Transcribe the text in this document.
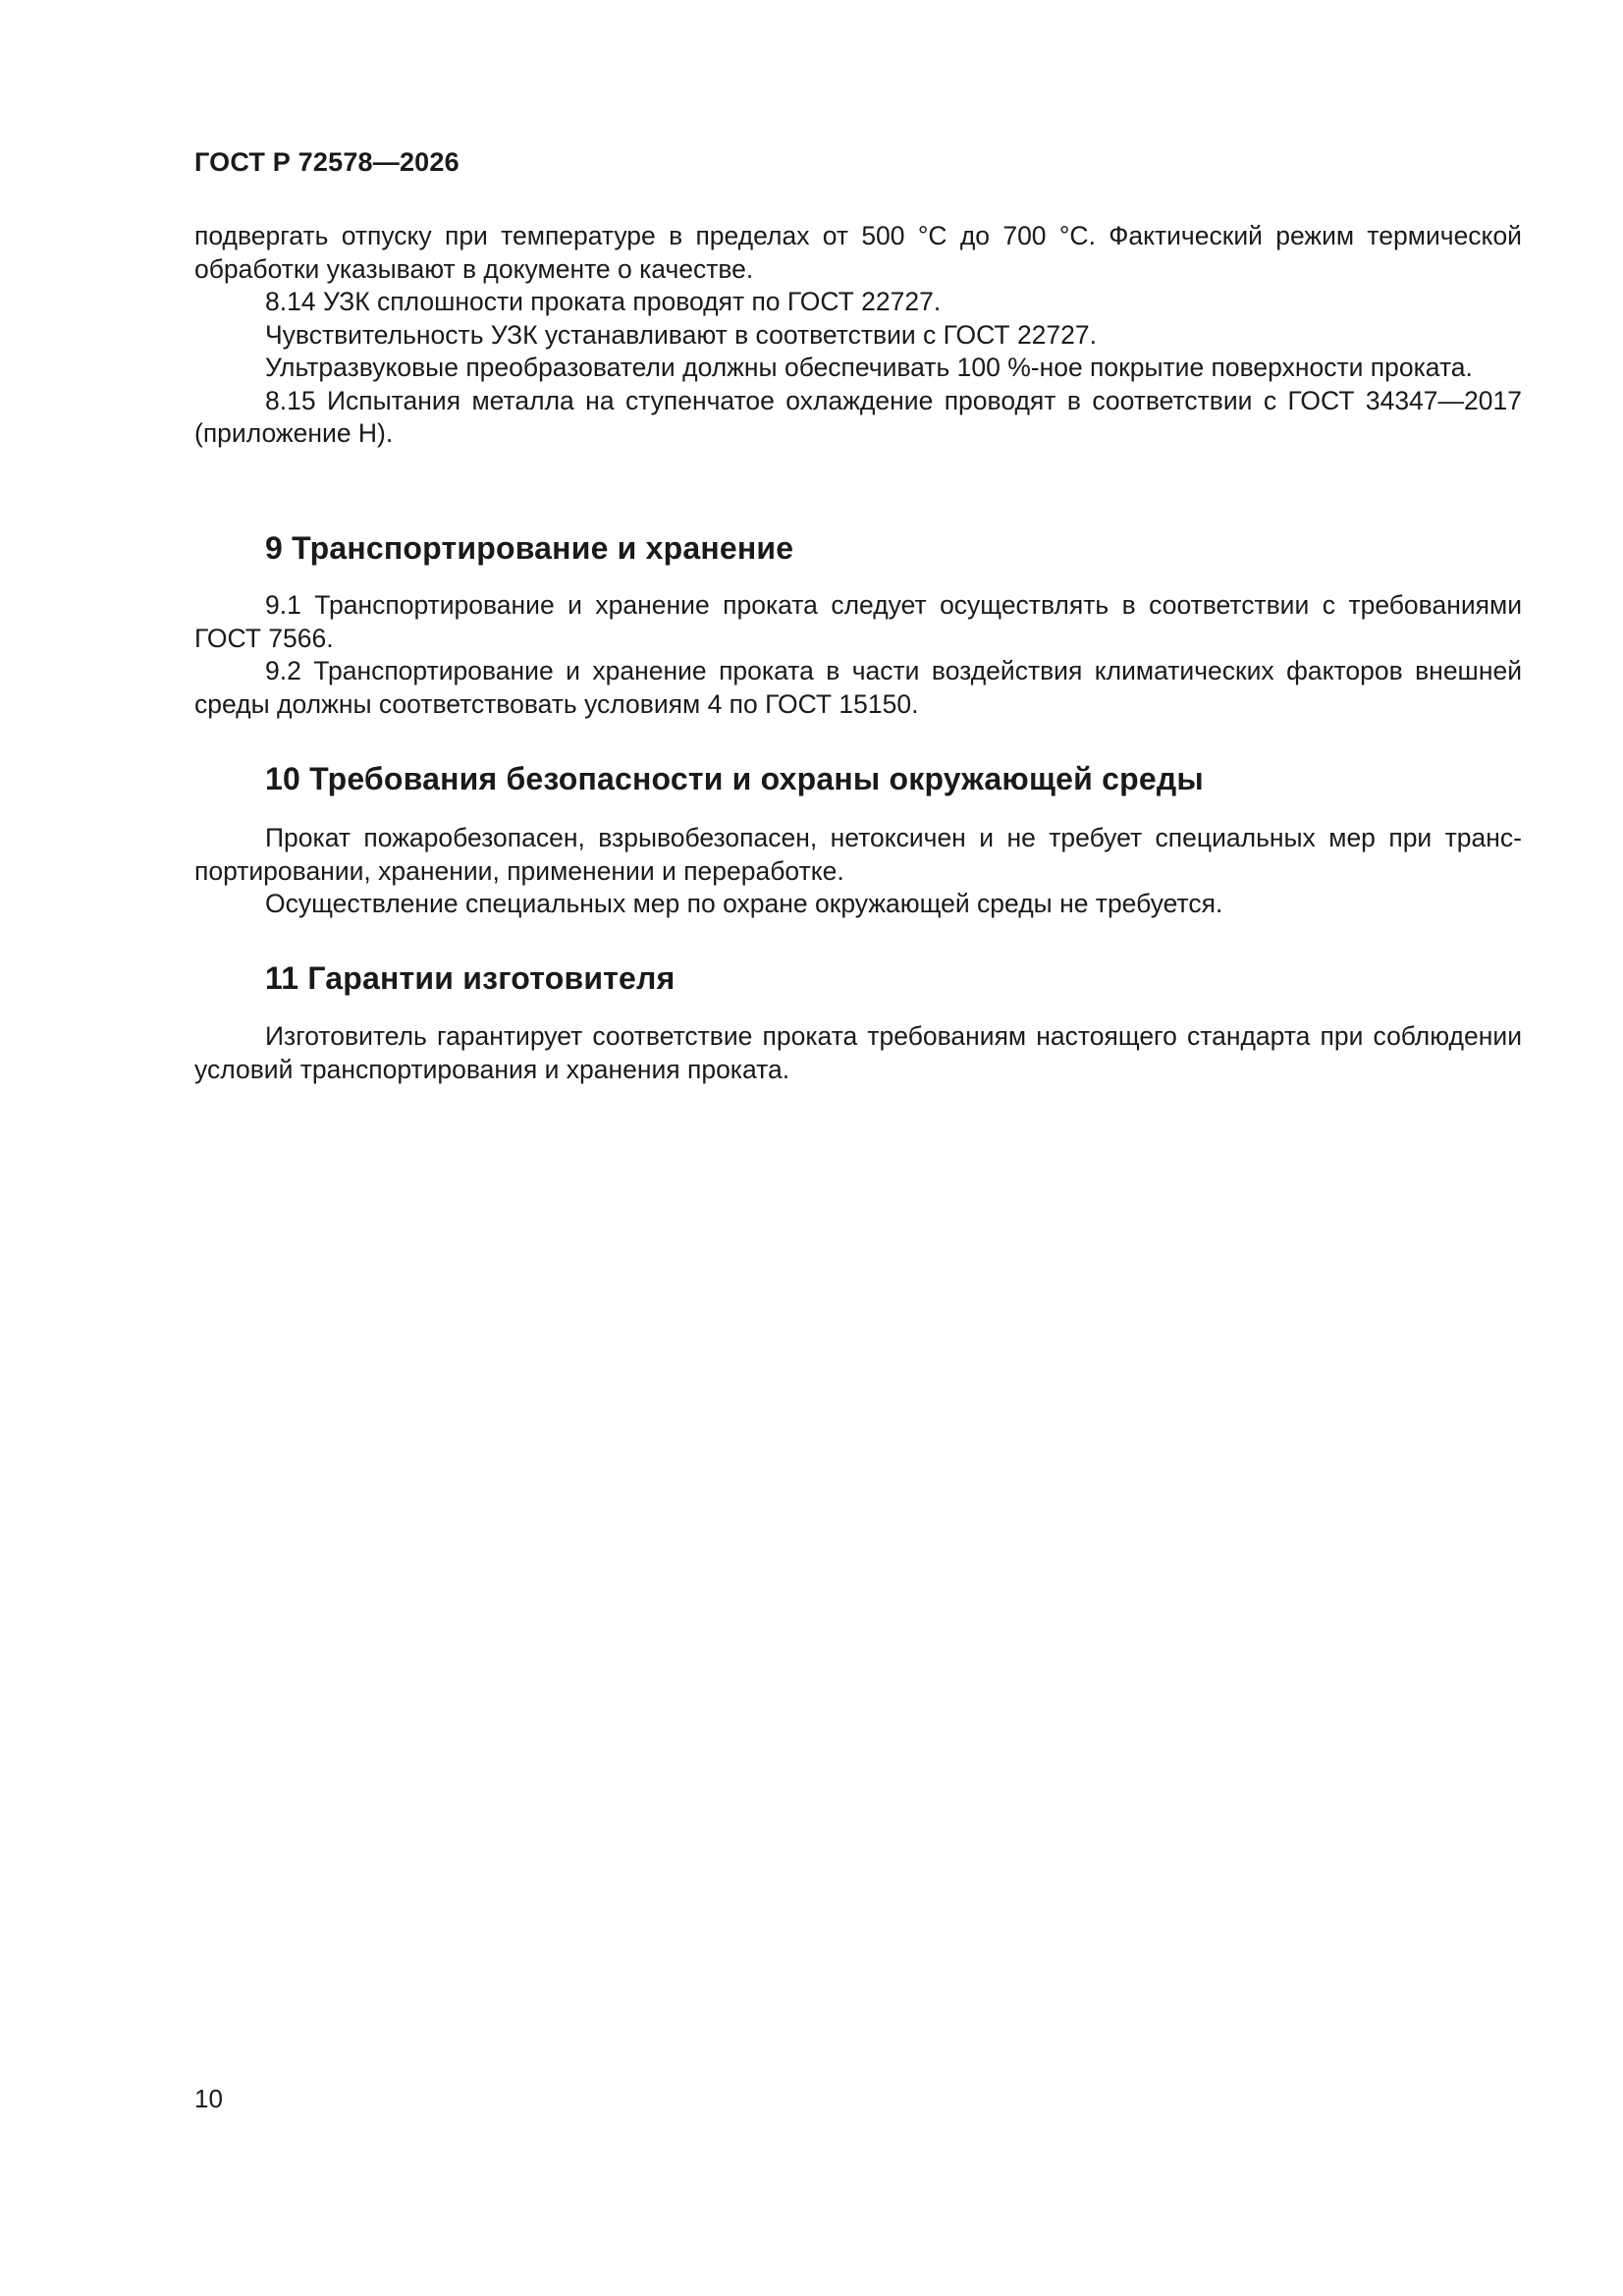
ГОСТ Р 72578—2026

подвергать отпуску при температуре в пределах от 500 °С до 700 °С. Фактический режим термической обработки указывают в документе о качестве.

8.14 УЗК сплошности проката проводят по ГОСТ 22727.

Чувствительность УЗК устанавливают в соответствии с ГОСТ 22727.

Ультразвуковые преобразователи должны обеспечивать 100 %-ное покрытие поверхности проката.

8.15 Испытания металла на ступенчатое охлаждение проводят в соответствии с ГОСТ 34347—2017 (приложение Н).

9 Транспортирование и хранение

9.1 Транспортирование и хранение проката следует осуществлять в соответствии с требованиями ГОСТ 7566.

9.2 Транспортирование и хранение проката в части воздействия климатических факторов внешней среды должны соответствовать условиям 4 по ГОСТ 15150.

10 Требования безопасности и охраны окружающей среды

Прокат пожаробезопасен, взрывобезопасен, нетоксичен и не требует специальных мер при транспортировании, хранении, применении и переработке.

Осуществление специальных мер по охране окружающей среды не требуется.

11 Гарантии изготовителя

Изготовитель гарантирует соответствие проката требованиям настоящего стандарта при соблюдении условий транспортирования и хранения проката.

10
